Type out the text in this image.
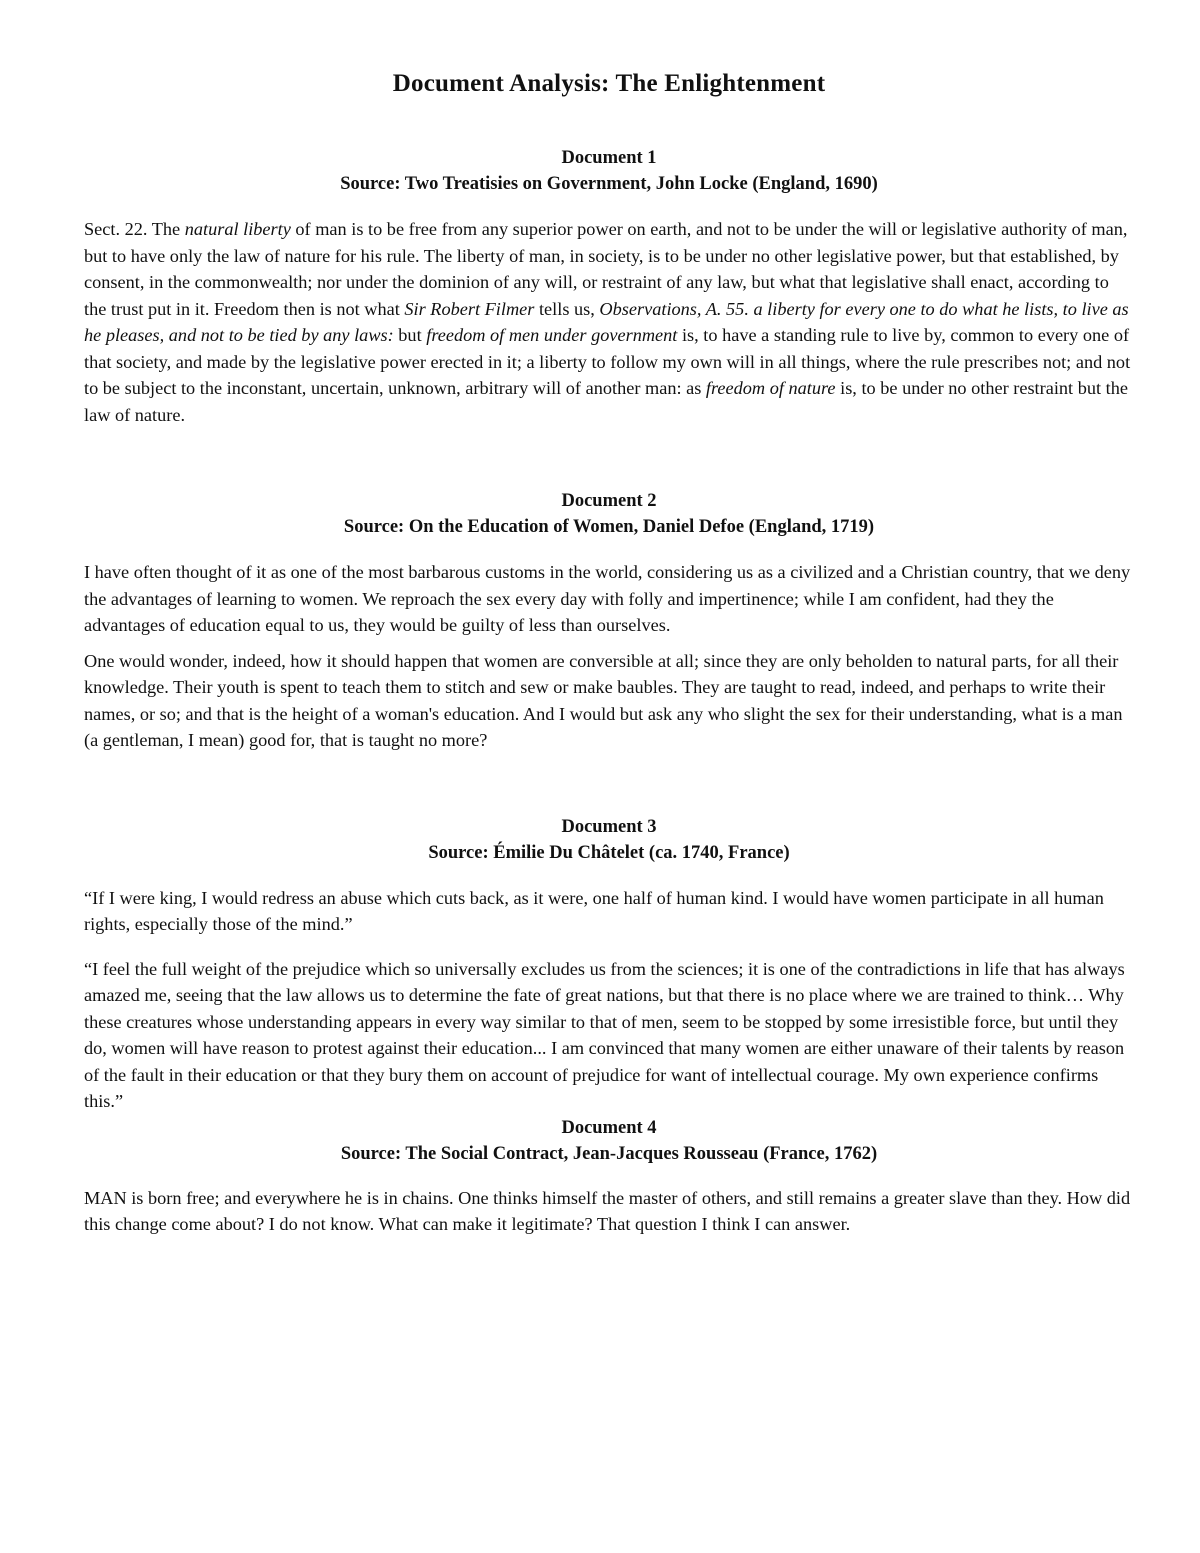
Document Analysis: The Enlightenment
Document 1
Source: Two Treatisies on Government, John Locke (England, 1690)

Sect. 22. The natural liberty of man is to be free from any superior power on earth, and not to be under the will or legislative authority of man, but to have only the law of nature for his rule. The liberty of man, in society, is to be under no other legislative power, but that established, by consent, in the commonwealth; nor under the dominion of any will, or restraint of any law, but what that legislative shall enact, according to the trust put in it. Freedom then is not what Sir Robert Filmer tells us, Observations, A. 55. a liberty for every one to do what he lists, to live as he pleases, and not to be tied by any laws: but freedom of men under government is, to have a standing rule to live by, common to every one of that society, and made by the legislative power erected in it; a liberty to follow my own will in all things, where the rule prescribes not; and not to be subject to the inconstant, uncertain, unknown, arbitrary will of another man: as freedom of nature is, to be under no other restraint but the law of nature.

Document 2
Source: On the Education of Women, Daniel Defoe (England, 1719)

I have often thought of it as one of the most barbarous customs in the world, considering us as a civilized and a Christian country, that we deny the advantages of learning to women. We reproach the sex every day with folly and impertinence; while I am confident, had they the advantages of education equal to us, they would be guilty of less than ourselves.

One would wonder, indeed, how it should happen that women are conversible at all; since they are only beholden to natural parts, for all their knowledge. Their youth is spent to teach them to stitch and sew or make baubles. They are taught to read, indeed, and perhaps to write their names, or so; and that is the height of a woman's education. And I would but ask any who slight the sex for their understanding, what is a man (a gentleman, I mean) good for, that is taught no more?

Document 3
Source: Émilie Du Châtelet (ca. 1740, France)

“If I were king, I would redress an abuse which cuts back, as it were, one half of human kind. I would have women participate in all human rights, especially those of the mind.”

“I feel the full weight of the prejudice which so universally excludes us from the sciences; it is one of the contradictions in life that has always amazed me, seeing that the law allows us to determine the fate of great nations, but that there is no place where we are trained to think… Why these creatures whose understanding appears in every way similar to that of men, seem to be stopped by some irresistible force, but until they do, women will have reason to protest against their education... I am convinced that many women are either unaware of their talents by reason of the fault in their education or that they bury them on account of prejudice for want of intellectual courage. My own experience confirms this.”

Document 4
Source: The Social Contract, Jean-Jacques Rousseau (France, 1762)

MAN is born free; and everywhere he is in chains. One thinks himself the master of others, and still remains a greater slave than they. How did this change come about? I do not know. What can make it legitimate? That question I think I can answer.
